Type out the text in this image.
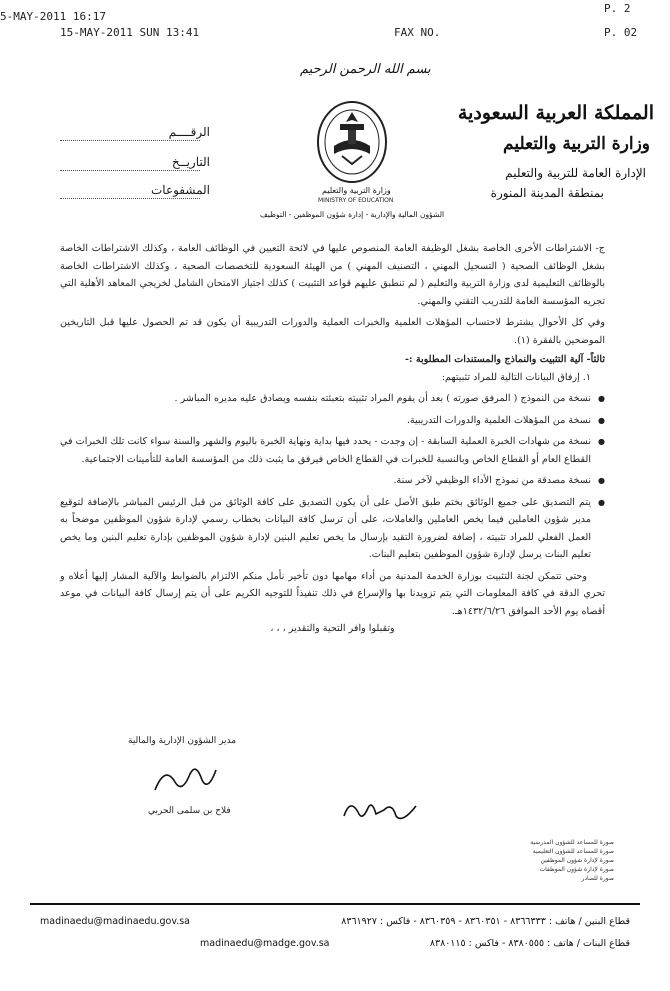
5-MAY-2011 16:17
15-MAY-2011 SUN 13:41	FAX NO.
P. 2
P. 02
بسم الله الرحمن الرحيم
المملكة العربية السعودية
وزارة التربية والتعليم
الإدارة العامة للتربية والتعليم
بمنطقة المدينة المنورة
وزارة التربية والتعليم
MINISTRY OF EDUCATION
الرقــــم
التاريــخ
المشفوعات
الشؤون المالية والإدارية - إدارة شؤون الموظفين - التوظيف

ج- الاشتراطات الأخرى الخاصة بشغل الوظيفة العامة المنصوص عليها في لائحة التعيين في الوظائف العامة ، وكذلك الاشتراطات الخاصة بشغل الوظائف الصحية ( التسجيل المهني ، التصنيف المهني ) من الهيئة السعودية للتخصصات الصحية ، وكذلك الاشتراطات الخاصة بالوظائف التعليمية لدى وزارة التربية والتعليم ( لم تنطبق عليهم قواعد التثبيت ) كذلك اجتياز الامتحان الشامل لخريجي المعاهد الأهلية التي تجريه المؤسسة العامة للتدريب التقني والمهني.

وفي كل الأحوال يشترط لاحتساب المؤهلات العلمية والخبرات العملية والدورات التدريبية أن يكون قد تم الحصول عليها قبل التاريخين الموضحين بالفقرة (١).

ثالثاً- آلية التثبيت والنماذج والمستندات المطلوبة :-

١. إرفاق البيانات التالية للمراد تثبيتهم:

● نسخة من النموذج ( المرفق صورته ) بعد أن يقوم المراد تثبيته بتعبئته بنفسه ويصادق عليه مديره المباشر .
● نسخة من المؤهلات العلمية والدورات التدريبية.
● نسخة من شهادات الخبرة العملية السابقة - إن وجدت - يحدد فيها بداية ونهاية الخبرة باليوم والشهر والسنة سواء كانت تلك الخبرات في القطاع العام أو القطاع الخاص وبالنسبة للخبرات في القطاع الخاص فيرفق ما يثبت ذلك من المؤسسة العامة للتأمينات الاجتماعية.
● نسخة مصدقة من نموذج الأداء الوظيفي لآخر سنة.
● يتم التصديق على جميع الوثائق بختم طبق الأصل على أن يكون التصديق على كافة الوثائق من قبل الرئيس المباشر بالإضافة لتوقيع مدير شؤون العاملين فيما يخص العاملين والعاملات، على أن ترسل كافة البيانات بخطاب رسمي لإدارة شؤون الموظفين موضحاً به العمل الفعلي للمراد تثبيته ، إضافة لضرورة التقيد بإرسال ما يخص تعليم البنين لإدارة شؤون الموظفين بإدارة تعليم البنين وما يخص تعليم البنات يرسل لإدارة شؤون الموظفين بتعليم البنات.

وحتى تتمكن لجنة التثبيت بوزارة الخدمة المدنية من أداء مهامها دون تأخير نأمل منكم الالتزام بالضوابط والآلية المشار إليها أعلاه و تحري الدقة في كافة المعلومات التي يتم تزويدنا بها والإسراع في ذلك تنفيذاً للتوجيه الكريم على أن يتم إرسال كافة البيانات في موعد أقصاه يوم الأحد الموافق ١٤٣٢/٦/٢٦هـ.

وتقبلوا وافر التحية والتقدير ، ، ،

مدير الشؤون الإدارية والمالية
فلاح بن سلمى الحربي
صورة للمساعد للشؤون المدرسية
صورة للمساعد للشؤون التعليمية
صورة لإدارة شؤون الموظفين
صورة لإدارة شؤون الموظفات
صورة للصادر
قطاع البنين / هاتف : ٨٣٦٦٣٣٣ - ٨٣٦٠٣٥١ - ٨٣٦٠٣٥٩ - فاكس : ٨٣٦١٩٢٧
madinaedu@madinaedu.gov.sa
قطاع البنات / هاتف : ٨٣٨٠٥٥٥ - فاكس : ٨٣٨٠١١٥
madinaedu@madge.gov.sa
